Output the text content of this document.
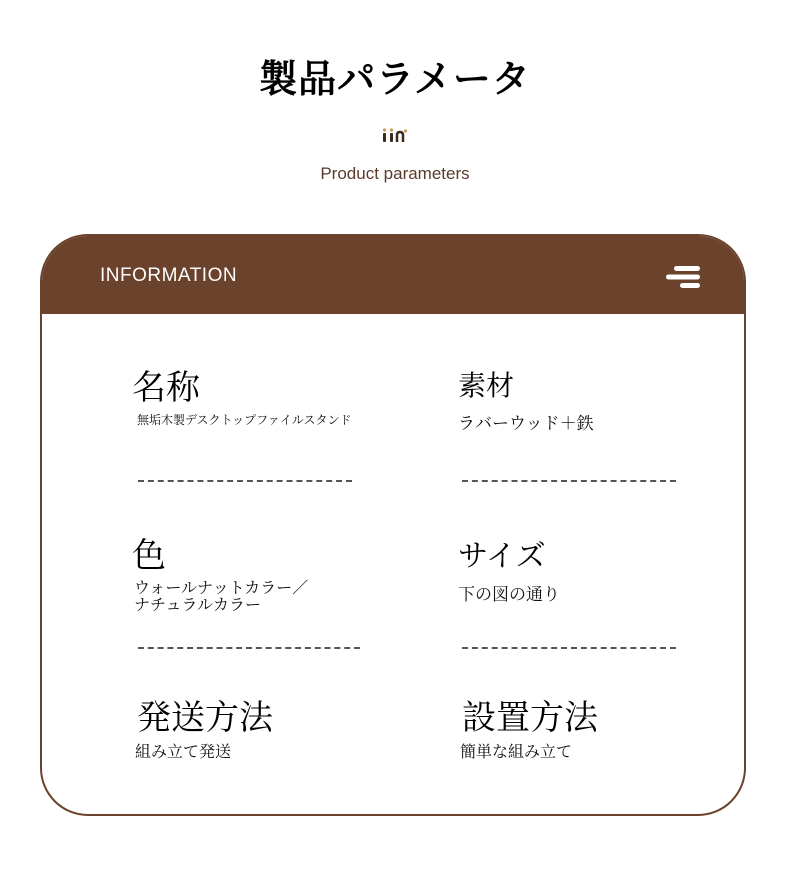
製品パラメータ
Product parameters
INFORMATION
名称
無垢木製デスクトップファイルスタンド
素材
ラバーウッド＋鉄
色
ウォールナットカラー／
ナチュラルカラー
サイズ
下の図の通り
発送方法
組み立て発送
設置方法
簡単な組み立て
